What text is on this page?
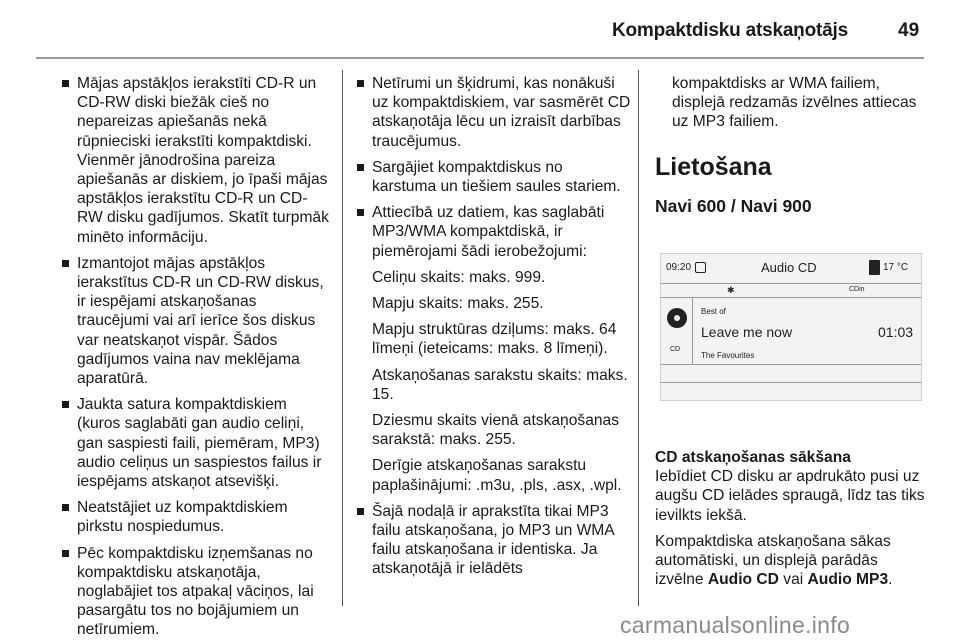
Kompaktdisku atskaņotājs	49
Mājas apstākļos ierakstīti CD-R un CD-RW diski biežāk cieš no nepareizas apiešanās nekā rūpnieciski ierakstīti kompaktdiski. Vienmēr jānodrošina pareiza apiešanās ar diskiem, jo īpaši mājas apstākļos ierakstītu CD-R un CD-RW disku gadījumos. Skatīt turpmāk minēto informāciju.
Izmantojot mājas apstākļos ierakstītus CD-R un CD-RW diskus, ir iespējami atskaņošanas traucējumi vai arī ierīce šos diskus var neatskaņot vispār. Šādos gadījumos vaina nav meklējama aparatūrā.
Jaukta satura kompaktdiskiem (kuros saglabāti gan audio celiņi, gan saspiesti faili, piemēram, MP3) audio celiņus un saspiestos failus ir iespējams atskaņot atsevišķi.
Neatstājiet uz kompaktdiskiem pirkstu nospiedumus.
Pēc kompaktdisku izņemšanas no kompaktdisku atskaņotāja, noglabājiet tos atpakaļ vāciņos, lai pasargātu tos no bojājumiem un netīrumiem.
Netīrumi un šķidrumi, kas nonākuši uz kompaktdiskiem, var sasmērēt CD atskaņotāja lēcu un izraisīt darbības traucējumus.
Sargājiet kompaktdiskus no karstuma un tiešiem saules stariem.
Attiecībā uz datiem, kas saglabāti MP3/WMA kompaktdiskā, ir piemērojami šādi ierobežojumi:
Celiņu skaits: maks. 999.
Mapju skaits: maks. 255.
Mapju struktūras dziļums: maks. 64 līmeņi (ieteicams: maks. 8 līmeņi).
Atskaņošanas sarakstu skaits: maks. 15.
Dziesmu skaits vienā atskaņošanas sarakstā: maks. 255.
Derīgie atskaņošanas sarakstu paplašinājumi: .m3u, .pls, .asx, .wpl.
Šajā nodaļā ir aprakstīta tikai MP3 failu atskaņošana, jo MP3 un WMA failu atskaņošana ir identiska. Ja atskaņotājā ir ielādēts
kompaktdisks ar WMA failiem, displejā redzamās izvēlnes attiecas uz MP3 failiem.
Lietošana
Navi 600 / Navi 900
09:20	Audio CD	17 °C
✱	CDin
CD
Best of
Leave me now	01:03
The Favourites
CD atskaņošanas sākšana
Iebīdiet CD disku ar apdrukāto pusi uz augšu CD ielādes spraugā, līdz tas tiks ievilkts iekšā.
Kompaktdiska atskaņošana sākas automātiski, un displejā parādās izvēlne Audio CD vai Audio MP3.
carmanualsonline.info
